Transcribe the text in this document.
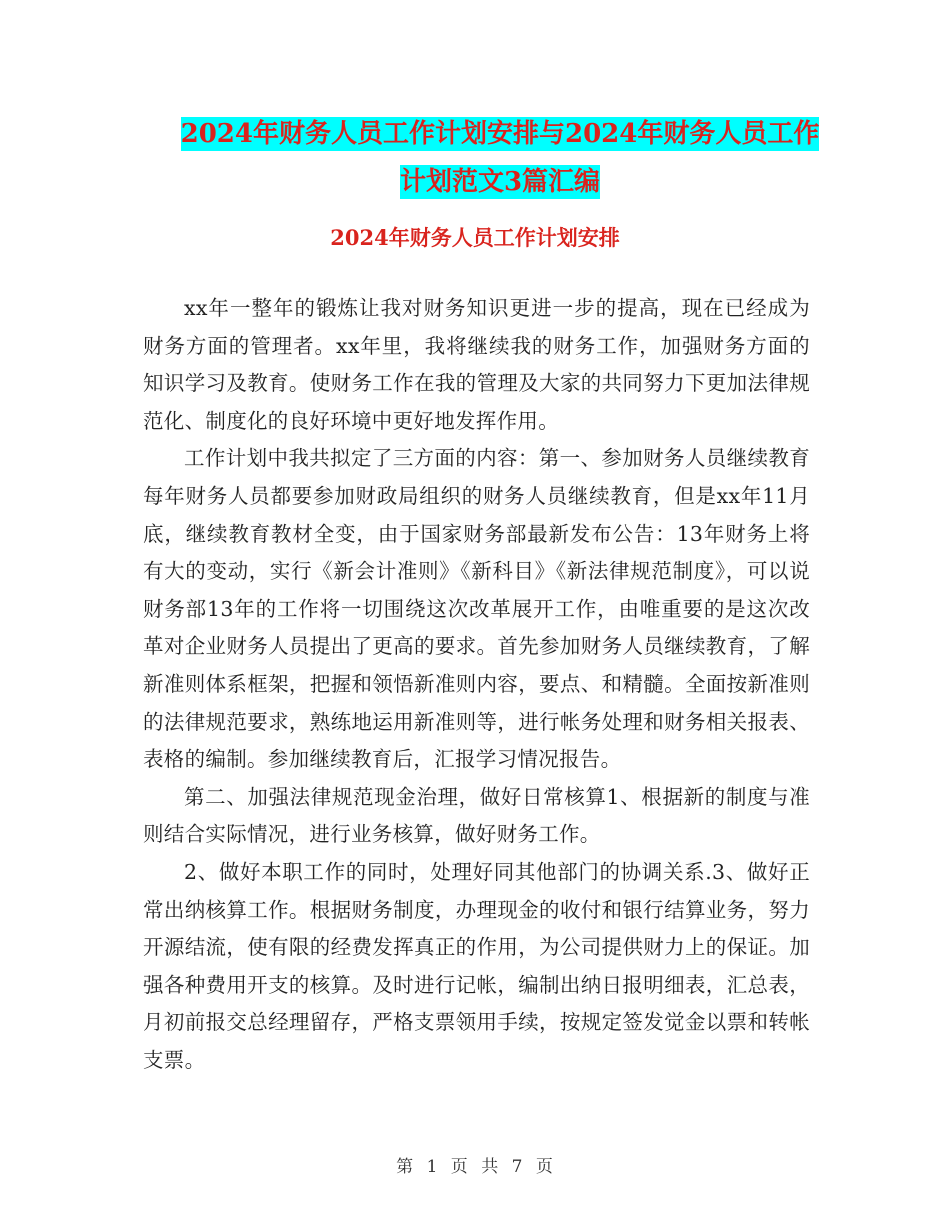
2024年财务人员工作计划安排与2024年财务人员工作
计划范文3篇汇编
2024年财务人员工作计划安排

xx年一整年的锻炼让我对财务知识更进一步的提高，现在已经成为财务方面的管理者。xx年里，我将继续我的财务工作，加强财务方面的知识学习及教育。使财务工作在我的管理及大家的共同努力下更加法律规范化、制度化的良好环境中更好地发挥作用。

工作计划中我共拟定了三方面的内容：第一、参加财务人员继续教育每年财务人员都要参加财政局组织的财务人员继续教育，但是xx年11月底，继续教育教材全变，由于国家财务部最新发布公告：13年财务上将有大的变动，实行《新会计准则》《新科目》《新法律规范制度》，可以说财务部13年的工作将一切围绕这次改革展开工作，由唯重要的是这次改革对企业财务人员提出了更高的要求。首先参加财务人员继续教育，了解新准则体系框架，把握和领悟新准则内容，要点、和精髓。全面按新准则的法律规范要求，熟练地运用新准则等，进行帐务处理和财务相关报表、表格的编制。参加继续教育后，汇报学习情况报告。

第二、加强法律规范现金治理，做好日常核算1、根据新的制度与准则结合实际情况，进行业务核算，做好财务工作。

2、做好本职工作的同时，处理好同其他部门的协调关系.3、做好正常出纳核算工作。根据财务制度，办理现金的收付和银行结算业务，努力开源结流，使有限的经费发挥真正的作用，为公司提供财力上的保证。加强各种费用开支的核算。及时进行记帐，编制出纳日报明细表，汇总表，月初前报交总经理留存，严格支票领用手续，按规定签发觉金以票和转帐支票。

第 1 页 共 7 页
